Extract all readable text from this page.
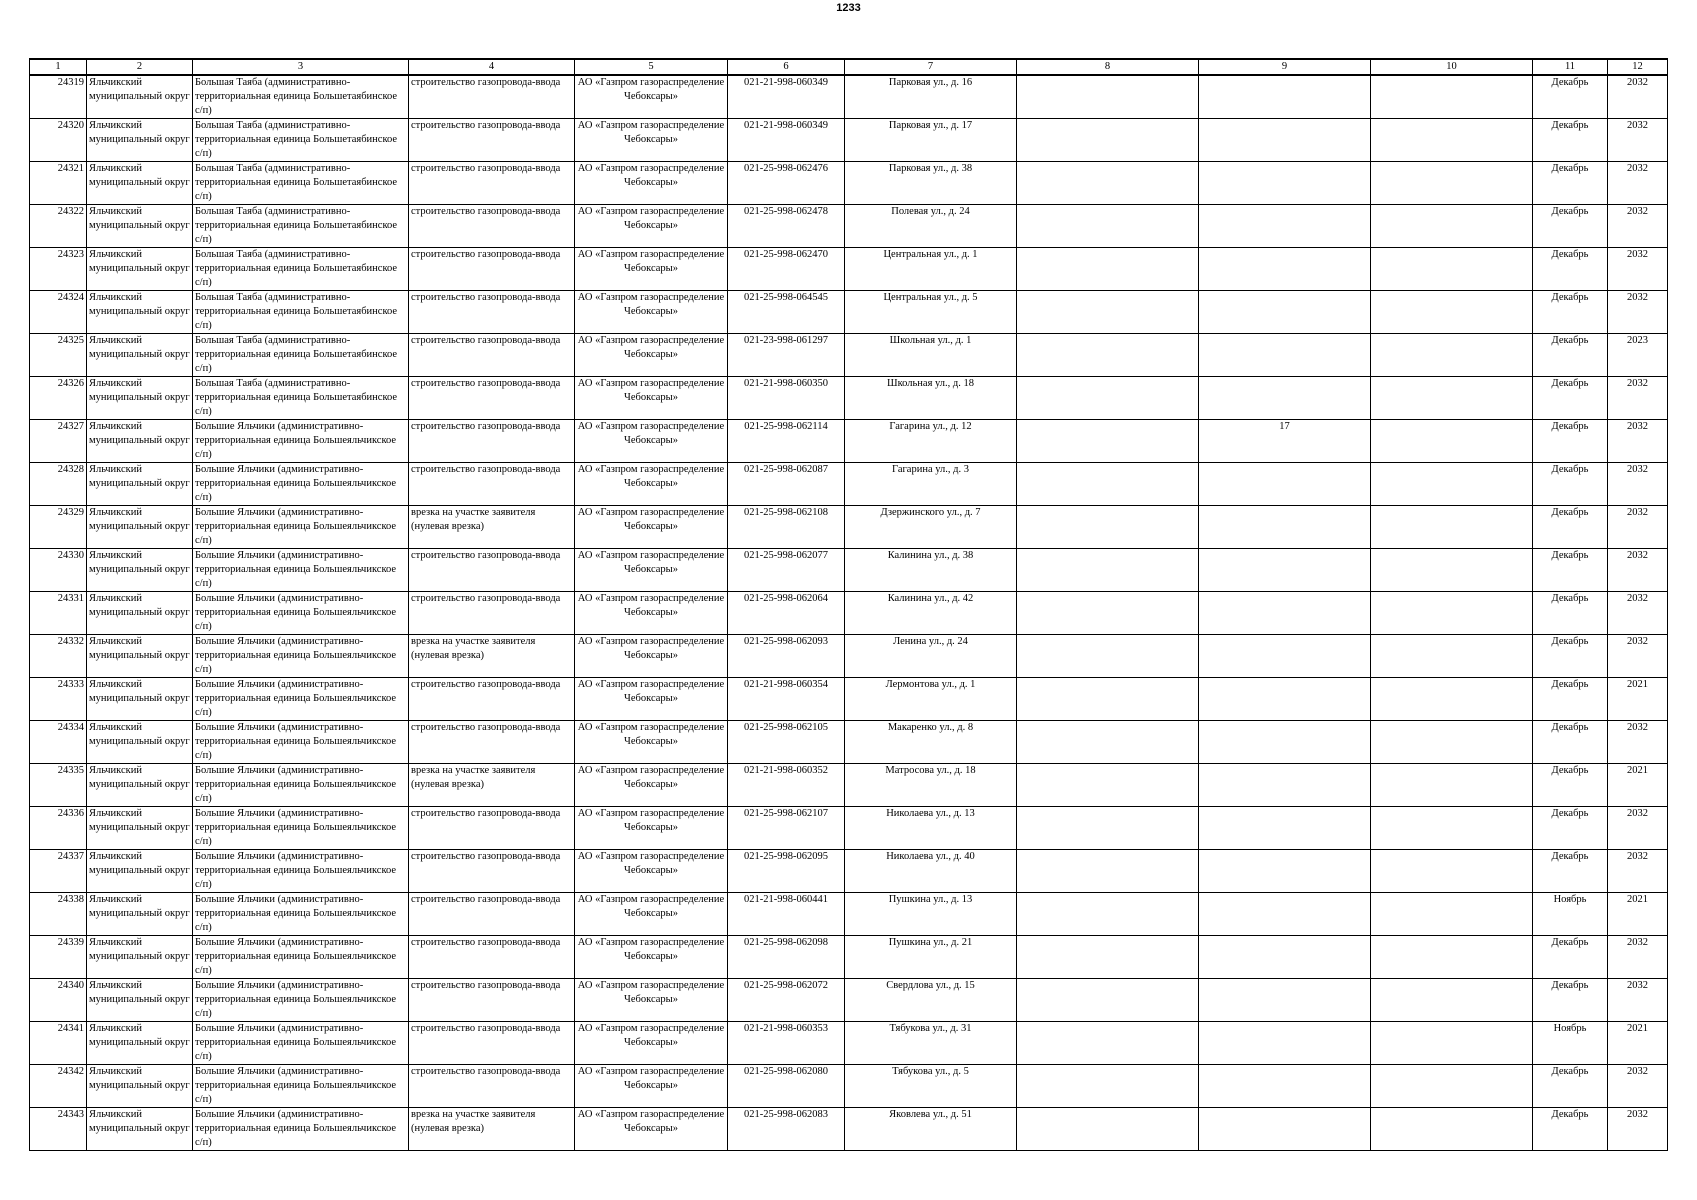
1233
1	2	3	4	5	6	7	8	9	10	11	12
24319	Яльчикский муниципальный округ	Большая Таяба (административно-территориальная единица Большетаябинское с/п)	строительство газопровода-ввода	АО «Газпром газораспределение Чебоксары»	021-21-998-060349	Парковая ул., д. 16				Декабрь	2032
24320	Яльчикский муниципальный округ	Большая Таяба (административно-территориальная единица Большетаябинское с/п)	строительство газопровода-ввода	АО «Газпром газораспределение Чебоксары»	021-21-998-060349	Парковая ул., д. 17				Декабрь	2032
24321	Яльчикский муниципальный округ	Большая Таяба (административно-территориальная единица Большетаябинское с/п)	строительство газопровода-ввода	АО «Газпром газораспределение Чебоксары»	021-25-998-062476	Парковая ул., д. 38				Декабрь	2032
24322	Яльчикский муниципальный округ	Большая Таяба (административно-территориальная единица Большетаябинское с/п)	строительство газопровода-ввода	АО «Газпром газораспределение Чебоксары»	021-25-998-062478	Полевая ул., д. 24				Декабрь	2032
24323	Яльчикский муниципальный округ	Большая Таяба (административно-территориальная единица Большетаябинское с/п)	строительство газопровода-ввода	АО «Газпром газораспределение Чебоксары»	021-25-998-062470	Центральная ул., д. 1				Декабрь	2032
24324	Яльчикский муниципальный округ	Большая Таяба (административно-территориальная единица Большетаябинское с/п)	строительство газопровода-ввода	АО «Газпром газораспределение Чебоксары»	021-25-998-064545	Центральная ул., д. 5				Декабрь	2032
24325	Яльчикский муниципальный округ	Большая Таяба (административно-территориальная единица Большетаябинское с/п)	строительство газопровода-ввода	АО «Газпром газораспределение Чебоксары»	021-23-998-061297	Школьная ул., д. 1				Декабрь	2023
24326	Яльчикский муниципальный округ	Большая Таяба (административно-территориальная единица Большетаябинское с/п)	строительство газопровода-ввода	АО «Газпром газораспределение Чебоксары»	021-21-998-060350	Школьная ул., д. 18				Декабрь	2032
24327	Яльчикский муниципальный округ	Большие Яльчики (административно-территориальная единица Большеяльчикское с/п)	строительство газопровода-ввода	АО «Газпром газораспределение Чебоксары»	021-25-998-062114	Гагарина ул., д. 12		17		Декабрь	2032
24328	Яльчикский муниципальный округ	Большие Яльчики (административно-территориальная единица Большеяльчикское с/п)	строительство газопровода-ввода	АО «Газпром газораспределение Чебоксары»	021-25-998-062087	Гагарина ул., д. 3				Декабрь	2032
24329	Яльчикский муниципальный округ	Большие Яльчики (административно-территориальная единица Большеяльчикское с/п)	врезка на участке заявителя (нулевая врезка)	АО «Газпром газораспределение Чебоксары»	021-25-998-062108	Дзержинского ул., д. 7				Декабрь	2032
24330	Яльчикский муниципальный округ	Большие Яльчики (административно-территориальная единица Большеяльчикское с/п)	строительство газопровода-ввода	АО «Газпром газораспределение Чебоксары»	021-25-998-062077	Калинина ул., д. 38				Декабрь	2032
24331	Яльчикский муниципальный округ	Большие Яльчики (административно-территориальная единица Большеяльчикское с/п)	строительство газопровода-ввода	АО «Газпром газораспределение Чебоксары»	021-25-998-062064	Калинина ул., д. 42				Декабрь	2032
24332	Яльчикский муниципальный округ	Большие Яльчики (административно-территориальная единица Большеяльчикское с/п)	врезка на участке заявителя (нулевая врезка)	АО «Газпром газораспределение Чебоксары»	021-25-998-062093	Ленина ул., д. 24				Декабрь	2032
24333	Яльчикский муниципальный округ	Большие Яльчики (административно-территориальная единица Большеяльчикское с/п)	строительство газопровода-ввода	АО «Газпром газораспределение Чебоксары»	021-21-998-060354	Лермонтова ул., д. 1				Декабрь	2021
24334	Яльчикский муниципальный округ	Большие Яльчики (административно-территориальная единица Большеяльчикское с/п)	строительство газопровода-ввода	АО «Газпром газораспределение Чебоксары»	021-25-998-062105	Макаренко ул., д. 8				Декабрь	2032
24335	Яльчикский муниципальный округ	Большие Яльчики (административно-территориальная единица Большеяльчикское с/п)	врезка на участке заявителя (нулевая врезка)	АО «Газпром газораспределение Чебоксары»	021-21-998-060352	Матросова ул., д. 18				Декабрь	2021
24336	Яльчикский муниципальный округ	Большие Яльчики (административно-территориальная единица Большеяльчикское с/п)	строительство газопровода-ввода	АО «Газпром газораспределение Чебоксары»	021-25-998-062107	Николаева ул., д. 13				Декабрь	2032
24337	Яльчикский муниципальный округ	Большие Яльчики (административно-территориальная единица Большеяльчикское с/п)	строительство газопровода-ввода	АО «Газпром газораспределение Чебоксары»	021-25-998-062095	Николаева ул., д. 40				Декабрь	2032
24338	Яльчикский муниципальный округ	Большие Яльчики (административно-территориальная единица Большеяльчикское с/п)	строительство газопровода-ввода	АО «Газпром газораспределение Чебоксары»	021-21-998-060441	Пушкина ул., д. 13				Ноябрь	2021
24339	Яльчикский муниципальный округ	Большие Яльчики (административно-территориальная единица Большеяльчикское с/п)	строительство газопровода-ввода	АО «Газпром газораспределение Чебоксары»	021-25-998-062098	Пушкина ул., д. 21				Декабрь	2032
24340	Яльчикский муниципальный округ	Большие Яльчики (административно-территориальная единица Большеяльчикское с/п)	строительство газопровода-ввода	АО «Газпром газораспределение Чебоксары»	021-25-998-062072	Свердлова ул., д. 15				Декабрь	2032
24341	Яльчикский муниципальный округ	Большие Яльчики (административно-территориальная единица Большеяльчикское с/п)	строительство газопровода-ввода	АО «Газпром газораспределение Чебоксары»	021-21-998-060353	Тябукова ул., д. 31				Ноябрь	2021
24342	Яльчикский муниципальный округ	Большие Яльчики (административно-территориальная единица Большеяльчикское с/п)	строительство газопровода-ввода	АО «Газпром газораспределение Чебоксары»	021-25-998-062080	Тябукова ул., д. 5				Декабрь	2032
24343	Яльчикский муниципальный округ	Большие Яльчики (административно-территориальная единица Большеяльчикское с/п)	врезка на участке заявителя (нулевая врезка)	АО «Газпром газораспределение Чебоксары»	021-25-998-062083	Яковлева ул., д. 51				Декабрь	2032
